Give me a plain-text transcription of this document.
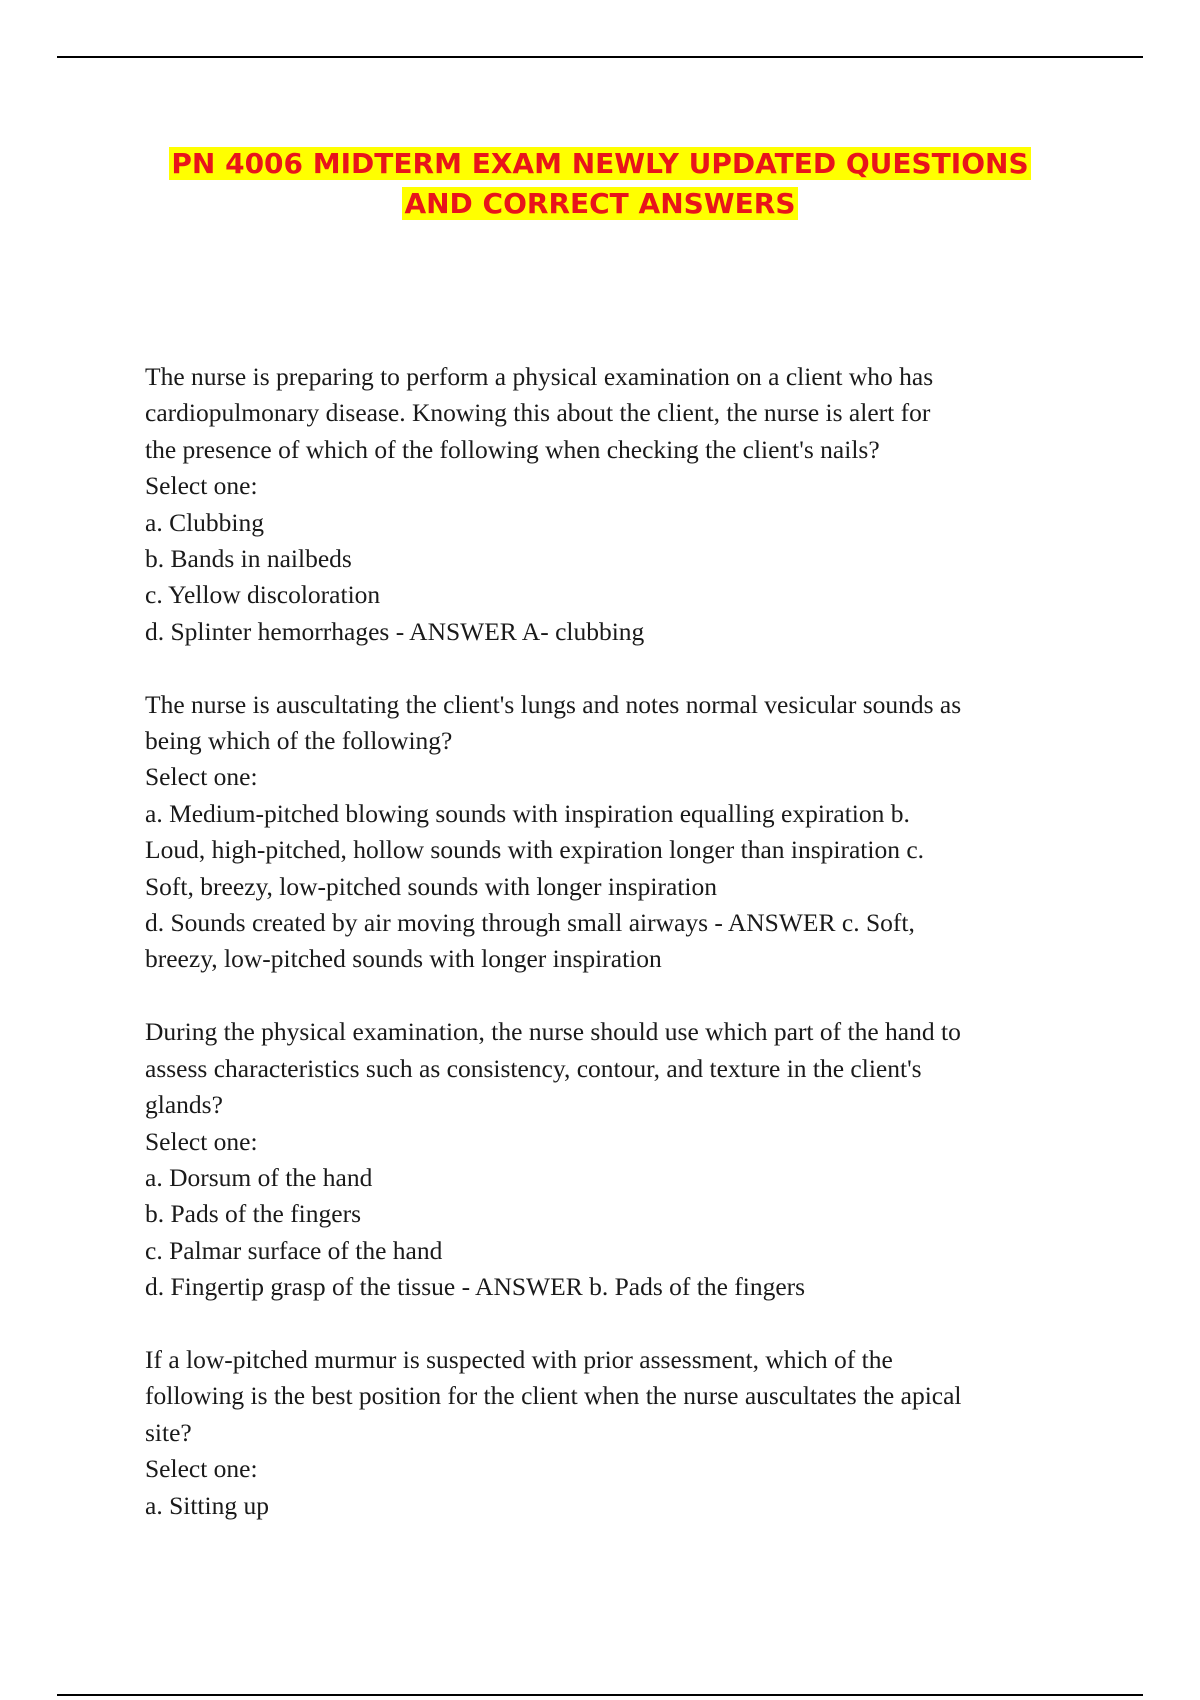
PN 4006 MIDTERM EXAM NEWLY UPDATED QUESTIONS
AND CORRECT ANSWERS
The nurse is preparing to perform a physical examination on a client who has
cardiopulmonary disease. Knowing this about the client, the nurse is alert for
the presence of which of the following when checking the client's nails?
Select one:
a. Clubbing
b. Bands in nailbeds
c. Yellow discoloration
d. Splinter hemorrhages - ANSWER A- clubbing
The nurse is auscultating the client's lungs and notes normal vesicular sounds as
being which of the following?
Select one:
a. Medium-pitched blowing sounds with inspiration equalling expiration b.
Loud, high-pitched, hollow sounds with expiration longer than inspiration c.
Soft, breezy, low-pitched sounds with longer inspiration
d. Sounds created by air moving through small airways - ANSWER c. Soft,
breezy, low-pitched sounds with longer inspiration
During the physical examination, the nurse should use which part of the hand to
assess characteristics such as consistency, contour, and texture in the client's
glands?
Select one:
a. Dorsum of the hand
b. Pads of the fingers
c. Palmar surface of the hand
d. Fingertip grasp of the tissue - ANSWER b. Pads of the fingers
If a low-pitched murmur is suspected with prior assessment, which of the
following is the best position for the client when the nurse auscultates the apical
site?
Select one:
a. Sitting up
